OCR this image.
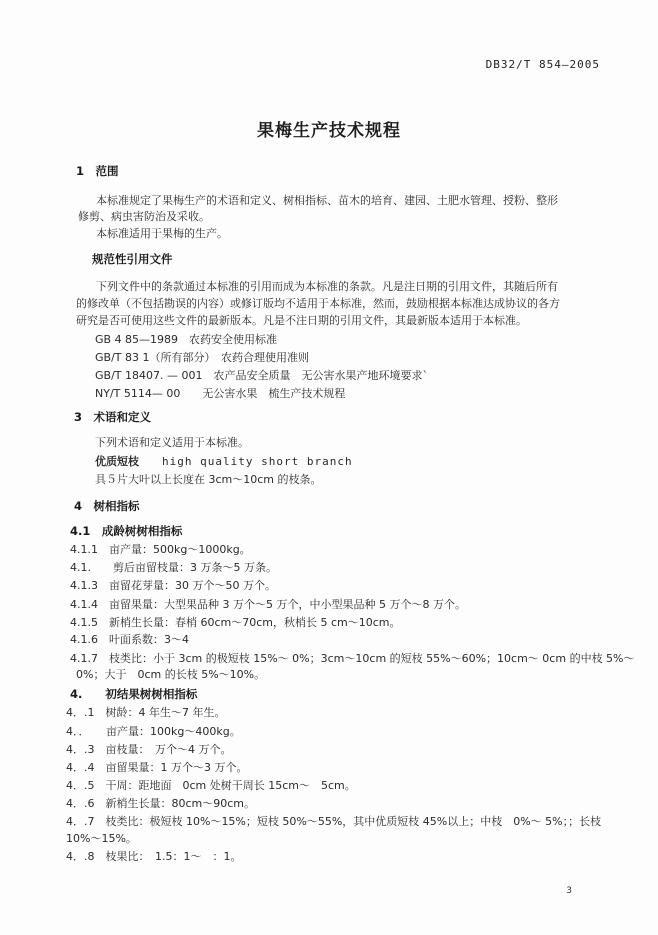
DB32/T 854—2005
果梅生产技术规程
1　范围
本标准规定了果梅生产的术语和定义、树相指标、苗木的培育、建园、土肥水管理、授粉、整形
修剪、病虫害防治及采收。
本标准适用于果梅的生产。
规范性引用文件
下列文件中的条款通过本标准的引用而成为本标准的条款。凡是注日期的引用文件，其随后所有
的修改单（不包括勘误的内容）或修订版均不适用于本标准，然而，鼓励根据本标准达成协议的各方
研究是否可使用这些文件的最新版本。凡是不注日期的引用文件，其最新版本适用于本标准。
GB 4 85—1989　农药安全使用标准
GB/T 83 1（所有部分）　农药合理使用准则
GB/T 18407. — 001　农产品安全质量　无公害水果产地环境要求`
NY/T 5114— 00　　无公害水果　梳生产技术规程
3　术语和定义
下列术语和定义适用于本标准。
优质短枝 high quality short branch
具５片大叶以上长度在 3cm～10cm 的枝条。
4　树相指标
4.1　成龄树树相指标
4.1.1　亩产量：500kg～1000kg。
4.1.　　剪后亩留枝量：3 万条～5 万条。
4.1.3　亩留花芽量：30 万个～50 万个。
4.1.4　亩留果量：大型果品种 3 万个～5 万个，中小型果品种 5 万个～8 万个。
4.1.5　新梢生长量：春梢 60cm～70cm，秋梢长 5 cm～10cm。
4.1.6　叶面系数：3～4
4.1.7　枝类比：小于 3cm 的极短枝 15%～ 0%；3cm～10cm 的短枝 55%～60%；10cm～ 0cm 的中枝 5%～
0%；大于　0cm 的长枝 5%～10%。
4.　　初结果树树相指标
4．.1　树龄：4 年生～7 年生。
4．．　　亩产量：100kg～400kg。
4．.3　亩枝量：　万个～4 万个。
4．.4　亩留果量：1 万个～3 万个。
4．.5　干周：距地面　0cm 处树干周长 15cm～　5cm。
4．.6　新梢生长量：80cm～90cm。
4．.7　枝类比：极短枝 10%～15%；短枝 50%～55%，其中优质短枝 45%以上；中枝　0%～ 5%；；长枝
10%～15%。
4．.8　枝果比：　1.5：1～　：1。
3
